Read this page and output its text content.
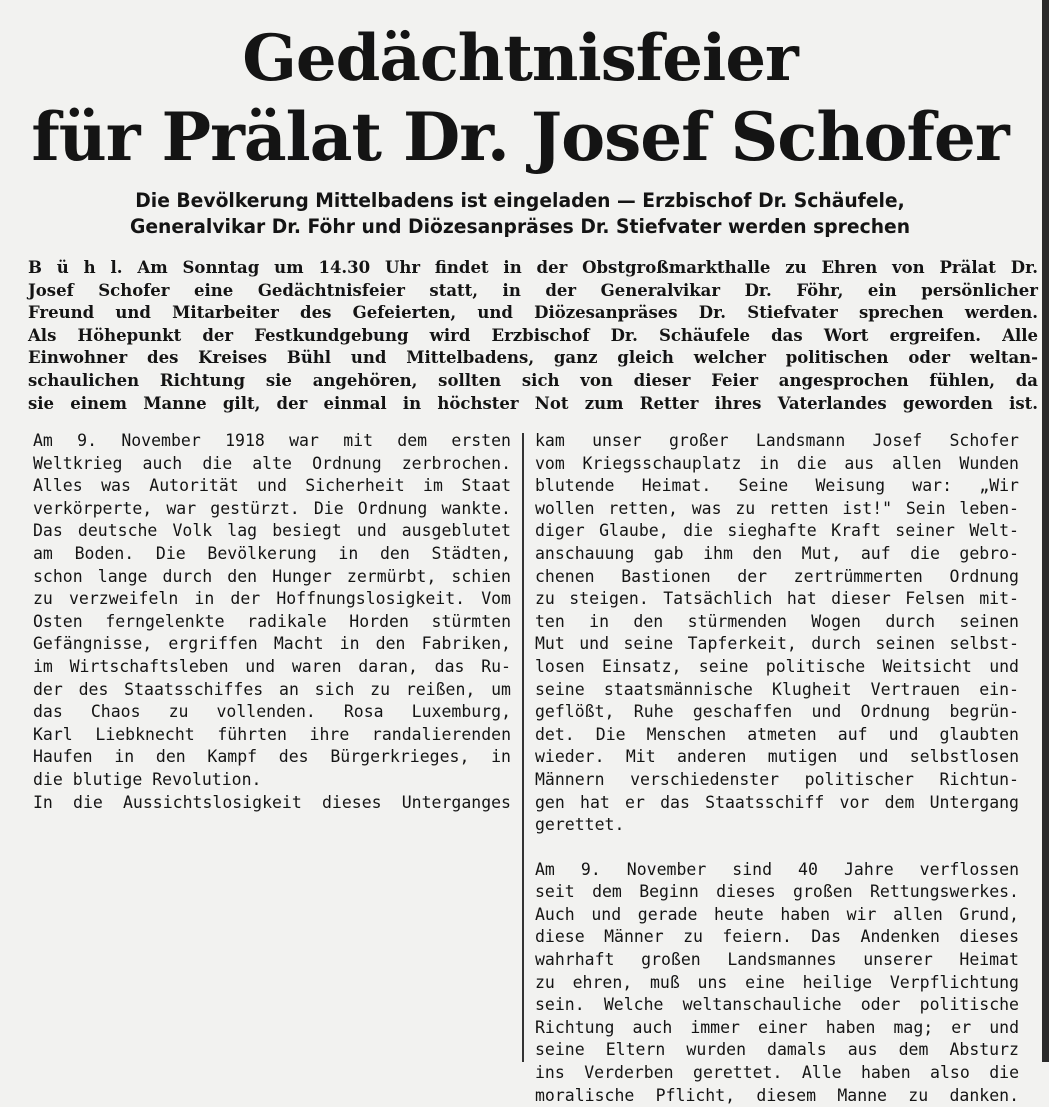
Gedächtnisfeier
für Prälat Dr. Josef Schofer
Die Bevölkerung Mittelbadens ist eingeladen — Erzbischof Dr. Schäufele,
Generalvikar Dr. Föhr und Diözesanpräses Dr. Stiefvater werden sprechen
B ü h l. Am Sonntag um 14.30 Uhr findet in der Obstgroßmarkthalle zu Ehren von Prälat Dr.
Josef Schofer eine Gedächtnisfeier statt, in der Generalvikar Dr. Föhr, ein persönlicher
Freund und Mitarbeiter des Gefeierten, und Diözesanpräses Dr. Stiefvater sprechen werden.
Als Höhepunkt der Festkundgebung wird Erzbischof Dr. Schäufele das Wort ergreifen. Alle
Einwohner des Kreises Bühl und Mittelbadens, ganz gleich welcher politischen oder weltan-
schaulichen Richtung sie angehören, sollten sich von dieser Feier angesprochen fühlen, da
sie einem Manne gilt, der einmal in höchster Not zum Retter ihres Vaterlandes geworden ist.
Am 9. November 1918 war mit dem ersten
Weltkrieg auch die alte Ordnung zerbrochen.
Alles was Autorität und Sicherheit im Staat
verkörperte, war gestürzt. Die Ordnung wankte.
Das deutsche Volk lag besiegt und ausgeblutet
am Boden. Die Bevölkerung in den Städten,
schon lange durch den Hunger zermürbt, schien
zu verzweifeln in der Hoffnungslosigkeit. Vom
Osten ferngelenkte radikale Horden stürmten
Gefängnisse, ergriffen Macht in den Fabriken,
im Wirtschaftsleben und waren daran, das Ru-
der des Staatsschiffes an sich zu reißen, um
das Chaos zu vollenden. Rosa Luxemburg,
Karl Liebknecht führten ihre randalierenden
Haufen in den Kampf des Bürgerkrieges, in
die blutige Revolution.
In die Aussichtslosigkeit dieses Unterganges
kam unser großer Landsmann Josef Schofer
vom Kriegsschauplatz in die aus allen Wunden
blutende Heimat. Seine Weisung war: „Wir
wollen retten, was zu retten ist!" Sein leben-
diger Glaube, die sieghafte Kraft seiner Welt-
anschauung gab ihm den Mut, auf die gebro-
chenen Bastionen der zertrümmerten Ordnung
zu steigen. Tatsächlich hat dieser Felsen mit-
ten in den stürmenden Wogen durch seinen
Mut und seine Tapferkeit, durch seinen selbst-
losen Einsatz, seine politische Weitsicht und
seine staatsmännische Klugheit Vertrauen ein-
geflößt, Ruhe geschaffen und Ordnung begrün-
det. Die Menschen atmeten auf und glaubten
wieder. Mit anderen mutigen und selbstlosen
Männern verschiedenster politischer Richtun-
gen hat er das Staatsschiff vor dem Untergang
gerettet.
Am 9. November sind 40 Jahre verflossen
seit dem Beginn dieses großen Rettungswerkes.
Auch und gerade heute haben wir allen Grund,
diese Männer zu feiern. Das Andenken dieses
wahrhaft großen Landsmannes unserer Heimat
zu ehren, muß uns eine heilige Verpflichtung
sein. Welche weltanschauliche oder politische
Richtung auch immer einer haben mag; er und
seine Eltern wurden damals aus dem Absturz
ins Verderben gerettet. Alle haben also die
moralische Pflicht, diesem Manne zu danken.
